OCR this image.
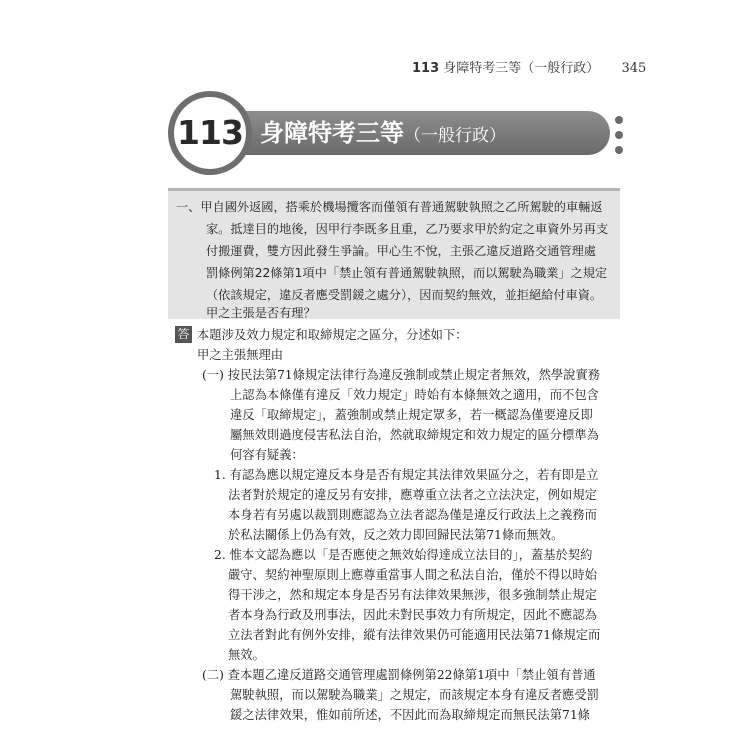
113 身障特考三等（一般行政） 345
113 身障特考三等（一般行政）
一、甲自國外返國，搭乘於機場攬客而僅領有普通駕駛執照之乙所駕駛的車輛返
家。抵達目的地後，因甲行李既多且重，乙乃要求甲於約定之車資外另再支
付搬運費，雙方因此發生爭論。甲心生不悅，主張乙違反道路交通管理處
罰條例第22條第1項中「禁止領有普通駕駛執照，而以駕駛為職業」之規定
（依該規定，違反者應受罰鍰之處分），因而契約無效，並拒絕給付車資。
甲之主張是否有理？
答 本題涉及效力規定和取締規定之區分，分述如下：
甲之主張無理由
(一) 按民法第71條規定法律行為違反強制或禁止規定者無效，然學說實務
上認為本條僅有違反「效力規定」時始有本條無效之適用，而不包含
違反「取締規定」，蓋強制或禁止規定眾多，若一概認為僅要違反即
屬無效則過度侵害私法自治，然就取締規定和效力規定的區分標準為
何容有疑義：
1. 有認為應以規定違反本身是否有規定其法律效果區分之，若有即是立
法者對於規定的違反另有安排，應尊重立法者之立法決定，例如規定
本身若有另處以裁罰則應認為立法者認為僅是違反行政法上之義務而
於私法關係上仍為有效，反之效力即回歸民法第71條而無效。
2. 惟本文認為應以「是否應使之無效始得達成立法目的」，蓋基於契約
嚴守、契約神聖原則上應尊重當事人間之私法自治，僅於不得以時始
得干涉之，然和規定本身是否另有法律效果無涉，很多強制禁止規定
者本身為行政及刑事法，因此未對民事效力有所規定，因此不應認為
立法者對此有例外安排，縱有法律效果仍可能適用民法第71條規定而
無效。
(二) 查本題乙違反道路交通管理處罰條例第22條第1項中「禁止領有普通
駕駛執照，而以駕駛為職業」之規定，而該規定本身有違反者應受罰
鍰之法律效果，惟如前所述，不因此而為取締規定而無民法第71條
